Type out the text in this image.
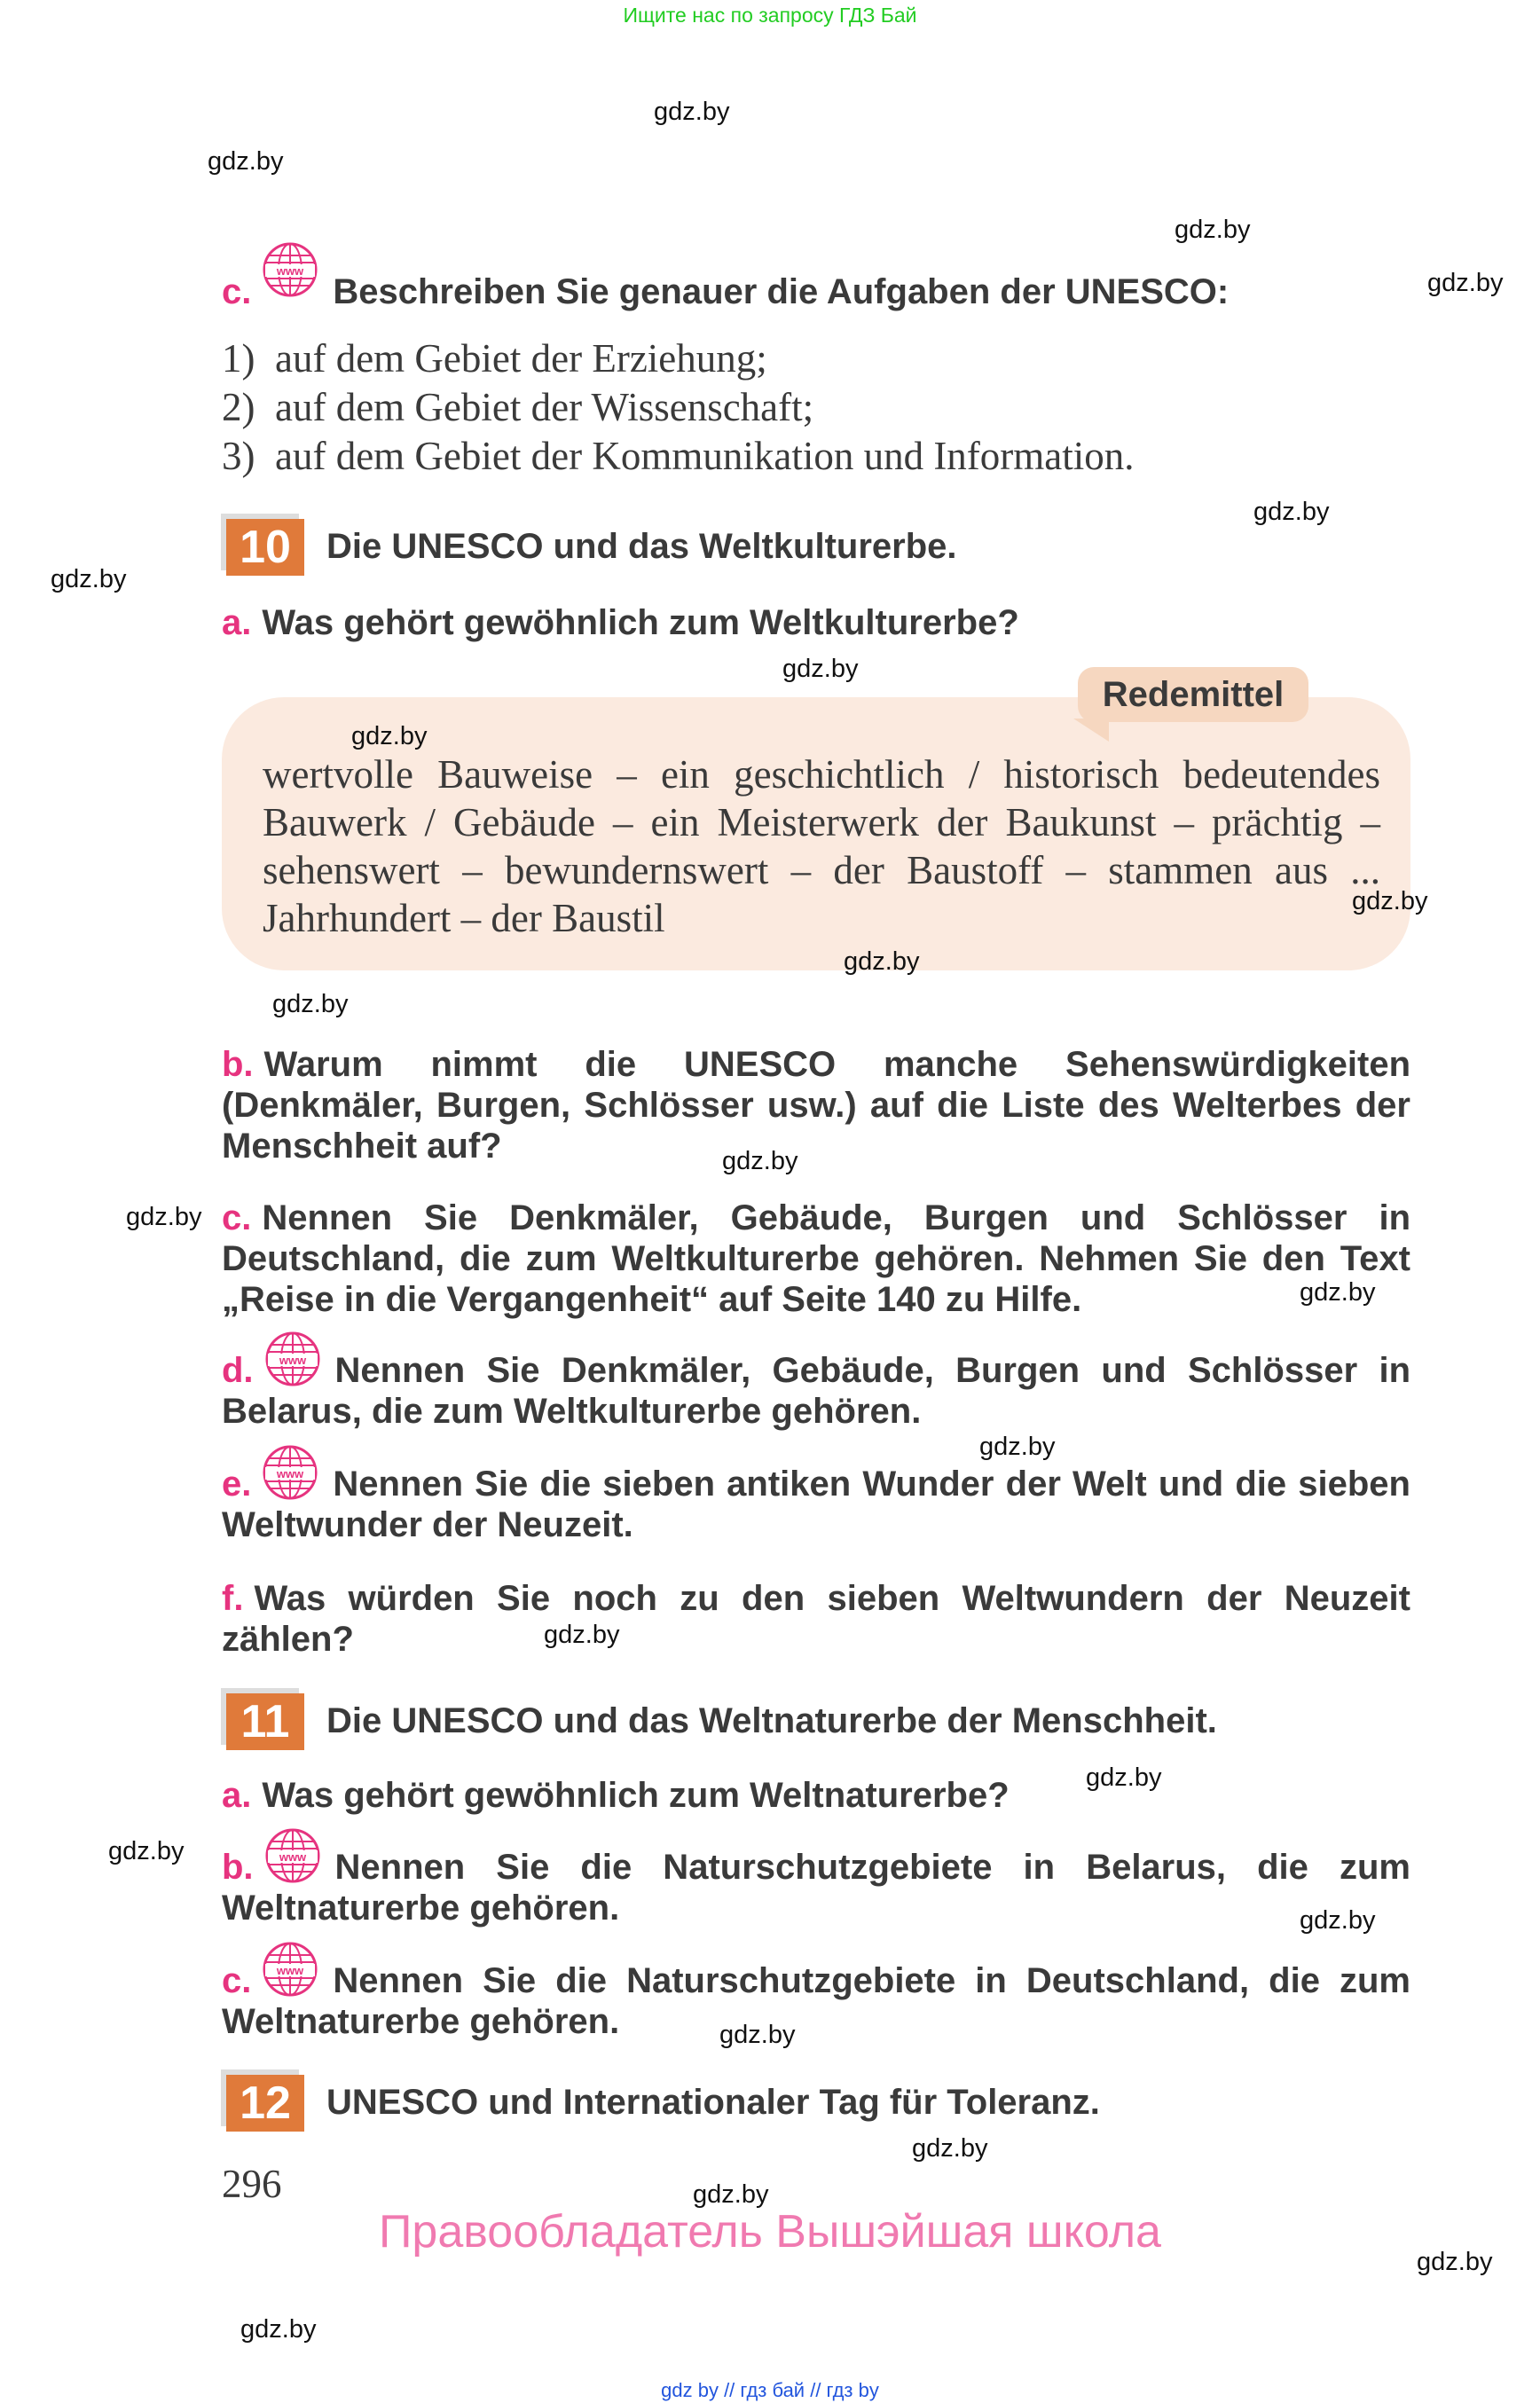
Ищите нас по запросу ГДЗ Бай
Redemittel
wertvolle Bauweise – ein geschichtlich / historisch bedeutendes Bauwerk / Gebäude – ein Meisterwerk der Baukunst – prächtig – sehenswert – bewundernswert – der Baustoff – stammen aus ... Jahrhundert – der Baustil
gdz.by
gdz.by
gdz.by
gdz.by
gdz.by
gdz.by
gdz.by
gdz.by
gdz.by
gdz.by
gdz.by
gdz.by
gdz.by
gdz.by
gdz.by
gdz.by
gdz.by
gdz.by
gdz.by
gdz.by
gdz.by
gdz.by
gdz.by
gdz.by
c. Beschreiben Sie genauer die Aufgaben der UNESCO:
1) auf dem Gebiet der Erziehung;
2) auf dem Gebiet der Wissenschaft;
3) auf dem Gebiet der Kommunikation und Information.
10	Die UNESCO und das Weltkulturerbe.
a. Was gehört gewöhnlich zum Weltkulturerbe?
b. Warum nimmt die UNESCO manche Sehenswürdigkeiten (Denkmäler, Burgen, Schlösser usw.) auf die Liste des Welterbes der Menschheit auf?
c. Nennen Sie Denkmäler, Gebäude, Burgen und Schlösser in Deutschland, die zum Weltkulturerbe gehören. Nehmen Sie den Text „Reise in die Vergangenheit“ auf Seite 140 zu Hilfe.
d. Nennen Sie Denkmäler, Gebäude, Burgen und Schlösser in Belarus, die zum Weltkulturerbe gehören.
e. Nennen Sie die sieben antiken Wunder der Welt und die sieben Weltwunder der Neuzeit.
f. Was würden Sie noch zu den sieben Weltwundern der Neuzeit zählen?
11	Die UNESCO und das Weltnaturerbe der Menschheit.
a. Was gehört gewöhnlich zum Weltnaturerbe?
b. Nennen Sie die Naturschutzgebiete in Belarus, die zum Weltnaturerbe gehören.
c. Nennen Sie die Naturschutzgebiete in Deutschland, die zum Weltnaturerbe gehören.
12	UNESCO und Internationaler Tag für Toleranz.
296
Правообладатель Вышэйшая школа
gdz by // гдз бай // гдз by
